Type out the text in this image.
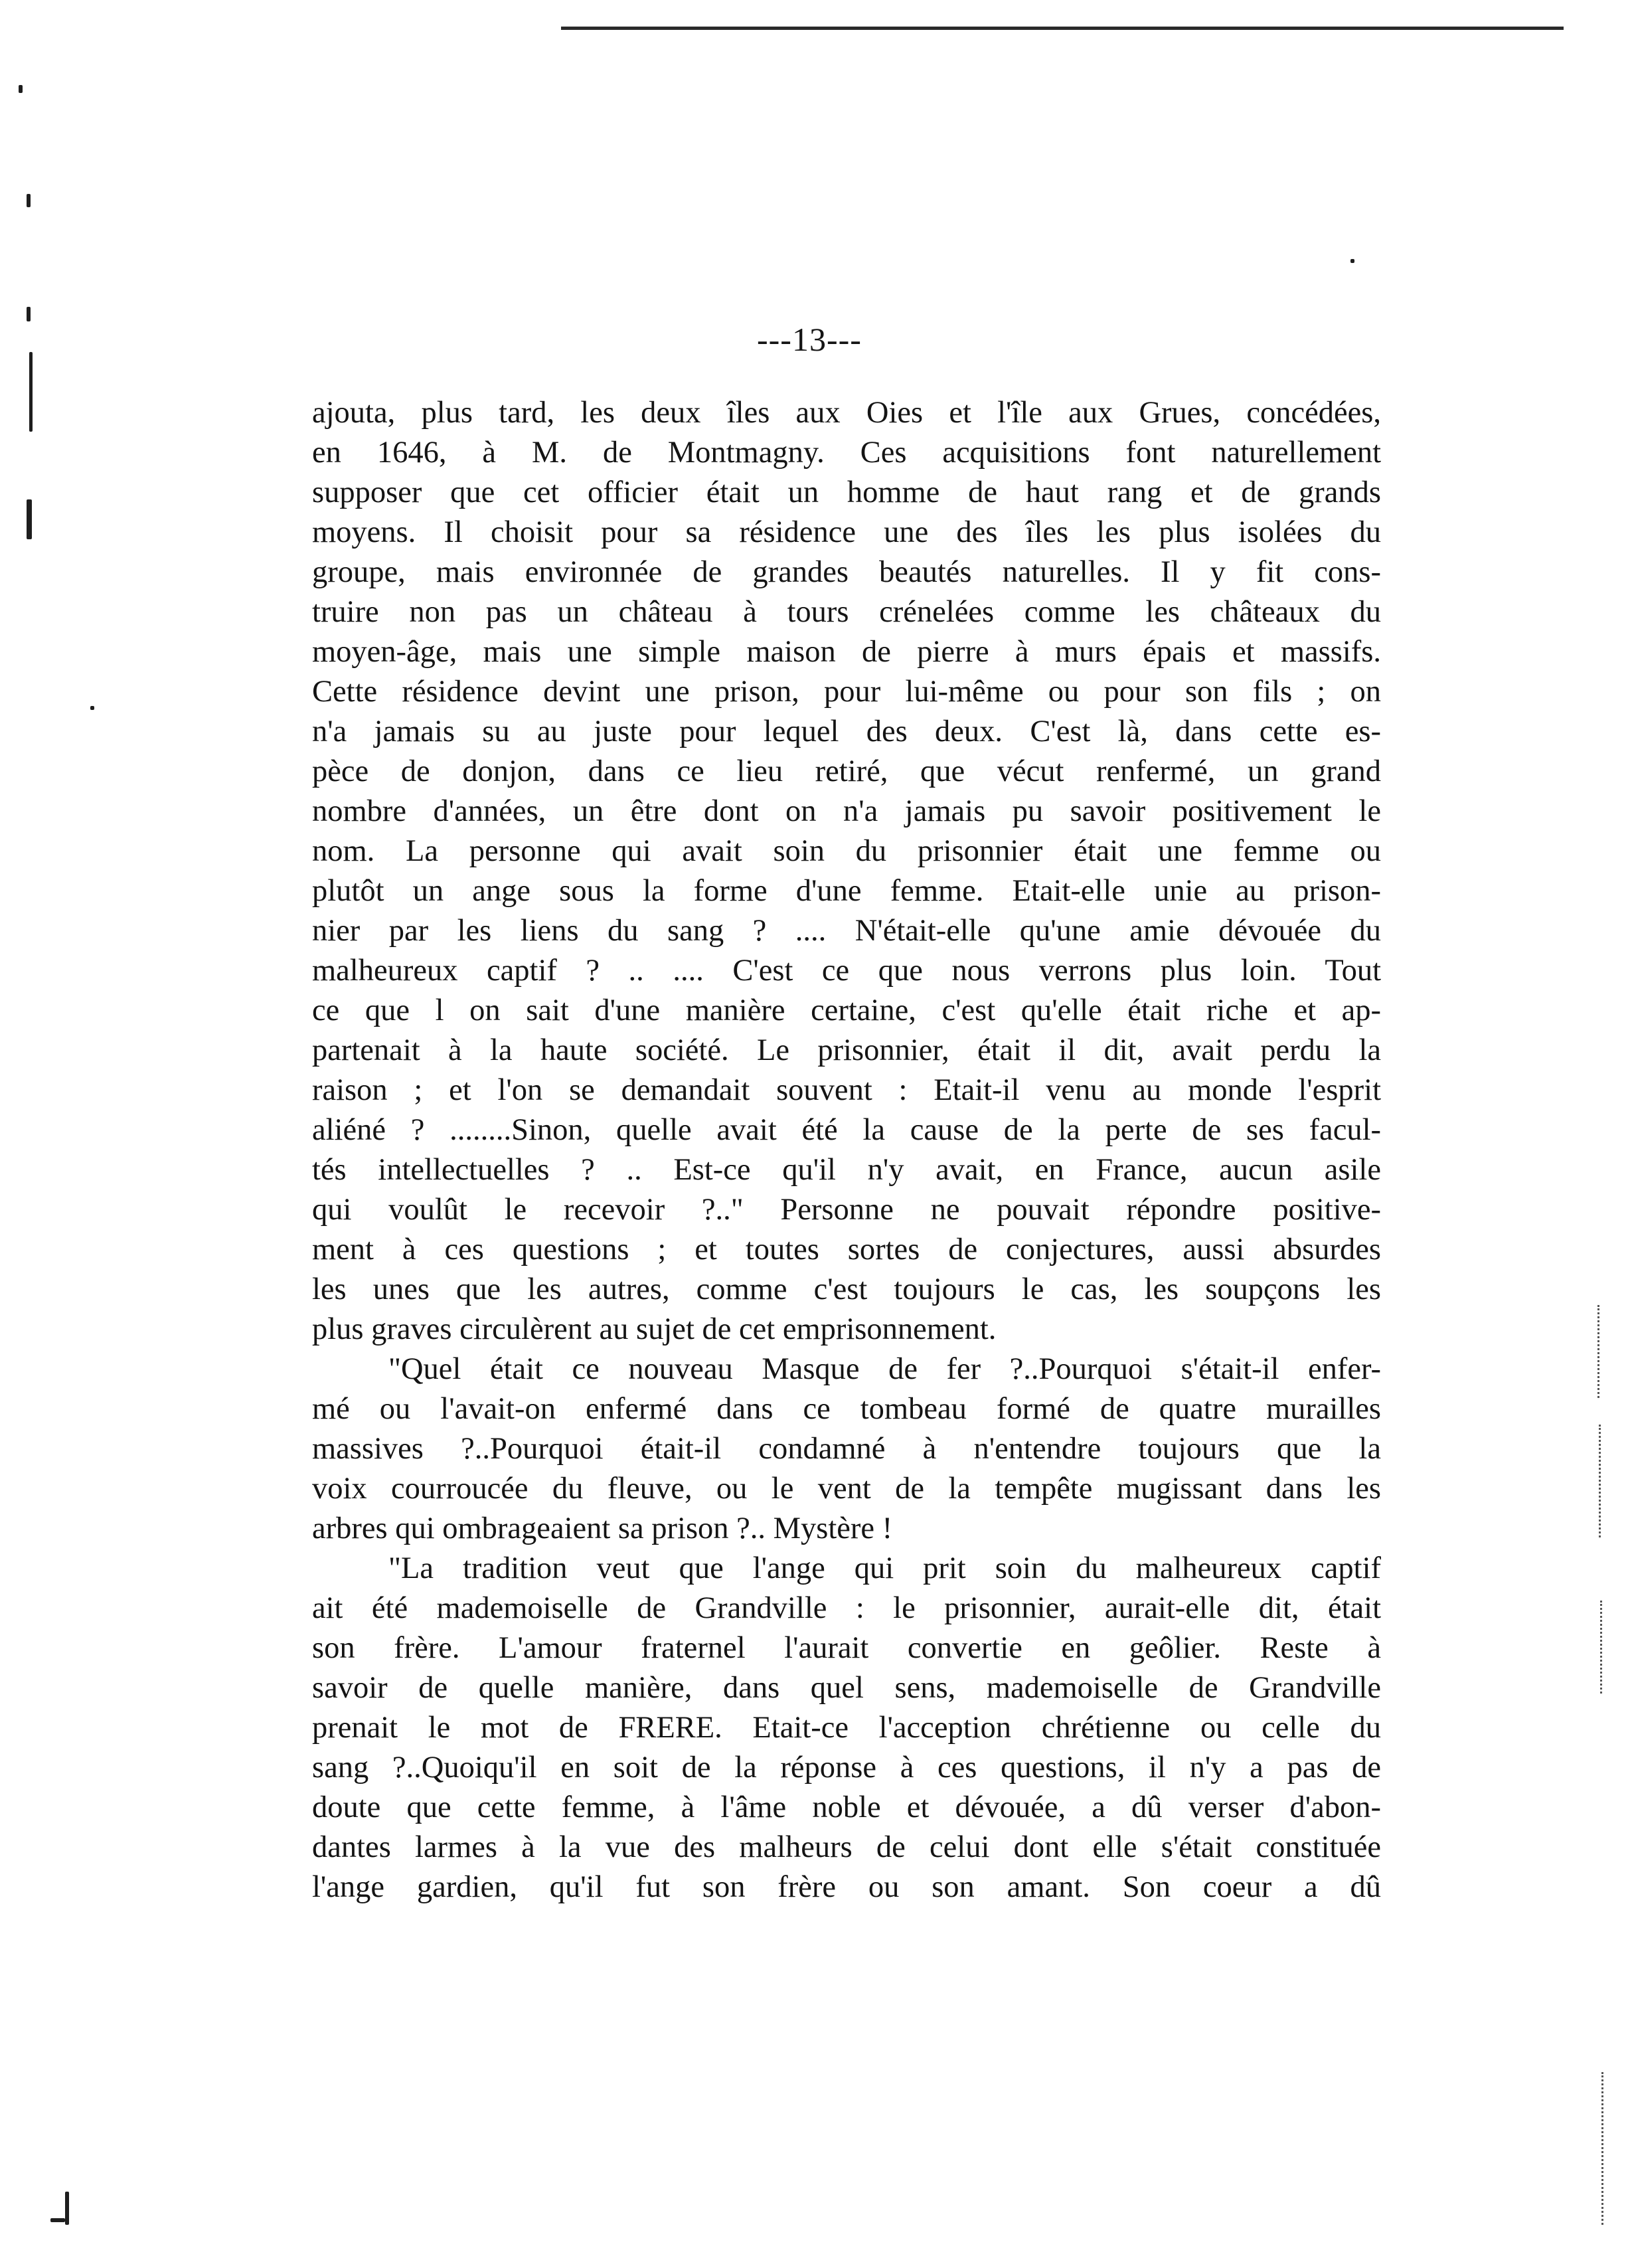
---13---
ajouta, plus tard, les deux îles aux Oies et l'île aux Grues, concédées,
en 1646, à M. de Montmagny. Ces acquisitions font naturellement
supposer que cet officier était un homme de haut rang et de grands
moyens. Il choisit pour sa résidence une des îles les plus isolées du
groupe, mais environnée de grandes beautés naturelles. Il y fit cons-
truire non pas un château à tours crénelées comme les châteaux du
moyen-âge, mais une simple maison de pierre à murs épais et massifs.
Cette résidence devint une prison, pour lui-même ou pour son fils ; on
n'a jamais su au juste pour lequel des deux. C'est là, dans cette es-
pèce de donjon, dans ce lieu retiré, que vécut renfermé, un grand
nombre d'années, un être dont on n'a jamais pu savoir positivement le
nom. La personne qui avait soin du prisonnier était une femme ou
plutôt un ange sous la forme d'une femme. Etait-elle unie au prison-
nier par les liens du sang ? .... N'était-elle qu'une amie dévouée du
malheureux captif ? .. .... C'est ce que nous verrons plus loin. Tout
ce que l on sait d'une manière certaine, c'est qu'elle était riche et ap-
partenait à la haute société. Le prisonnier, était il dit, avait perdu la
raison ; et l'on se demandait souvent : Etait-il venu au monde l'esprit
aliéné ? ........Sinon, quelle avait été la cause de la perte de ses facul-
tés intellectuelles ? .. Est-ce qu'il n'y avait, en France, aucun asile
qui voulût le recevoir ?.." Personne ne pouvait répondre positive-
ment à ces questions ; et toutes sortes de conjectures, aussi absurdes
les unes que les autres, comme c'est toujours le cas, les soupçons les
plus graves circulèrent au sujet de cet emprisonnement.
"Quel était ce nouveau Masque de fer ?..Pourquoi s'était-il enfer-
mé ou l'avait-on enfermé dans ce tombeau formé de quatre murailles
massives ?..Pourquoi était-il condamné à n'entendre toujours que la
voix courroucée du fleuve, ou le vent de la tempête mugissant dans les
arbres qui ombrageaient sa prison ?.. Mystère !
"La tradition veut que l'ange qui prit soin du malheureux captif
ait été mademoiselle de Grandville : le prisonnier, aurait-elle dit, était
son frère. L'amour fraternel l'aurait convertie en geôlier. Reste à
savoir de quelle manière, dans quel sens, mademoiselle de Grandville
prenait le mot de FRERE. Etait-ce l'acception chrétienne ou celle du
sang ?..Quoiqu'il en soit de la réponse à ces questions, il n'y a pas de
doute que cette femme, à l'âme noble et dévouée, a dû verser d'abon-
dantes larmes à la vue des malheurs de celui dont elle s'était constituée
l'ange gardien, qu'il fut son frère ou son amant. Son coeur a dû
